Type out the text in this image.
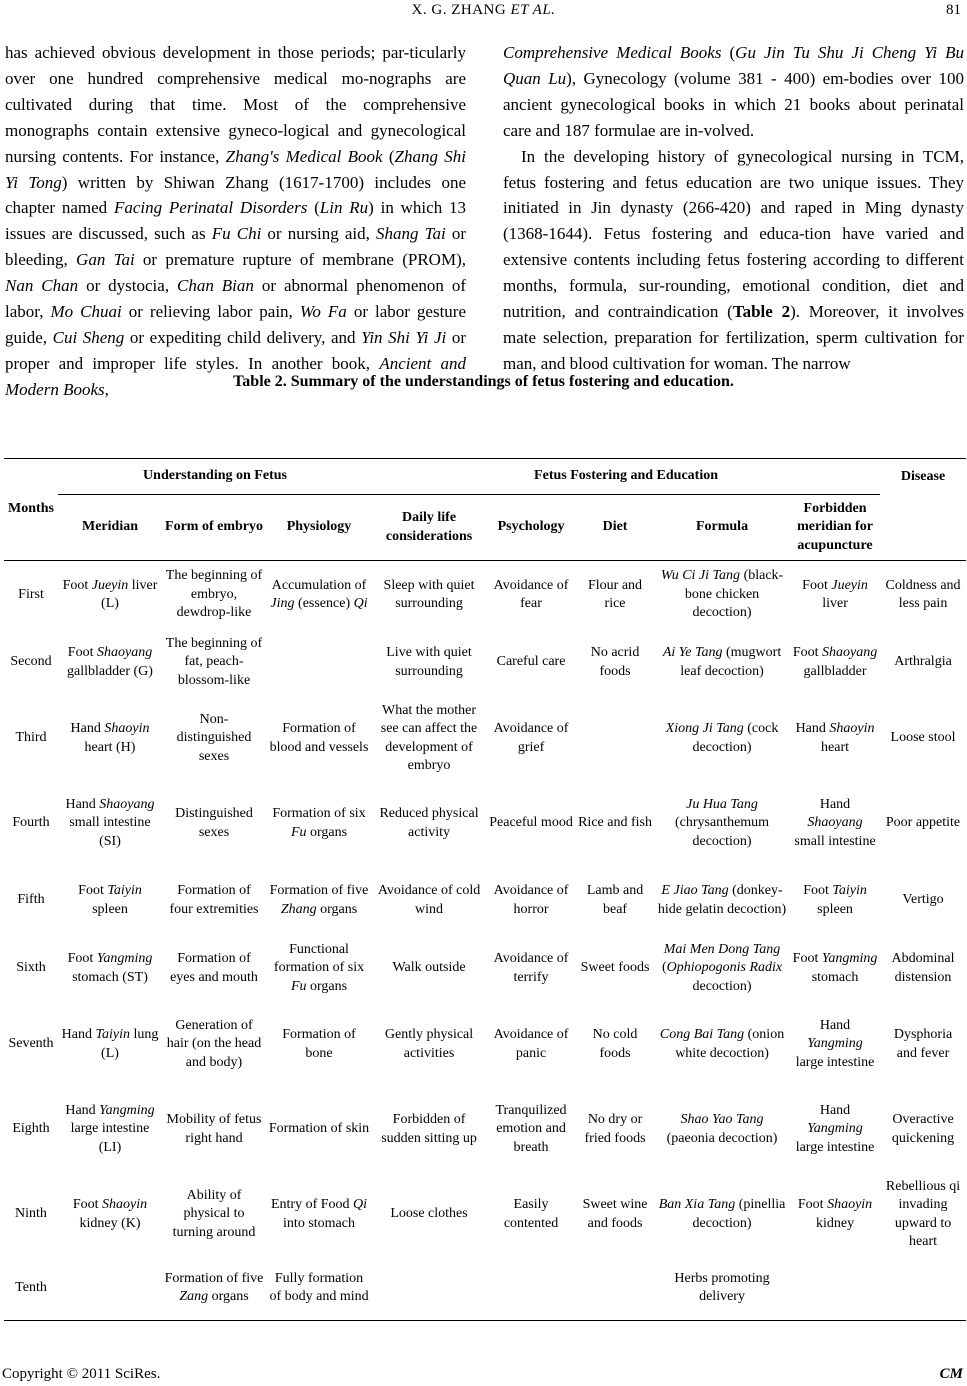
X. G. ZHANG ET AL.	81

has achieved obvious development in those periods; par-ticularly over one hundred comprehensive medical mo-nographs are cultivated during that time. Most of the comprehensive monographs contain extensive gyneco-logical and gynecological nursing contents. For instance, Zhang's Medical Book (Zhang Shi Yi Tong) written by Shiwan Zhang (1617-1700) includes one chapter named Facing Perinatal Disorders (Lin Ru) in which 13 issues are discussed, such as Fu Chi or nursing aid, Shang Tai or bleeding, Gan Tai or premature rupture of membrane (PROM), Nan Chan or dystocia, Chan Bian or abnormal phenomenon of labor, Mo Chuai or relieving labor pain, Wo Fa or labor gesture guide, Cui Sheng or expediting child delivery, and Yin Shi Yi Ji or proper and improper life styles. In another book, Ancient and Modern Books,

Comprehensive Medical Books (Gu Jin Tu Shu Ji Cheng Yi Bu Quan Lu), Gynecology (volume 381 - 400) em-bodies over 100 ancient gynecological books in which 21 books about perinatal care and 187 formulae are in-volved.

In the developing history of gynecological nursing in TCM, fetus fostering and fetus education are two unique issues. They initiated in Jin dynasty (266-420) and raped in Ming dynasty (1368-1644). Fetus fostering and educa-tion have varied and extensive contents including fetus fostering according to different months, formula, sur-rounding, emotional condition, diet and nutrition, and contraindication (Table 2). Moreover, it involves mate selection, preparation for fertilization, sperm cultivation for man, and blood cultivation for woman. The narrow

Table 2. Summary of the understandings of fetus fostering and education.
Months	Understanding on Fetus			Fetus Fostering and Education					Disease
	Meridian	Form of embryo	Physiology	Daily life considerations	Psychology	Diet	Formula	Forbidden meridian for acupuncture	
First	Foot Jueyin liver (L)	The beginning of embryo, dewdrop-like	Accumulation of Jing (essence) Qi	Sleep with quiet surrounding	Avoidance of fear	Flour and rice	Wu Ci Ji Tang (black-bone chicken decoction)	Foot Jueyin liver	Coldness and less pain
Second	Foot Shaoyang gallbladder (G)	The beginning of fat, peach-blossom-like		Live with quiet surrounding	Careful care	No acrid foods	Ai Ye Tang (mugwort leaf decoction)	Foot Shaoyang gallbladder	Arthralgia
Third	Hand Shaoyin heart (H)	Non-distinguished sexes	Formation of blood and vessels	What the mother see can affect the development of embryo	Avoidance of grief		Xiong Ji Tang (cock decoction)	Hand Shaoyin heart	Loose stool
Fourth	Hand Shaoyang small intestine (SI)	Distinguished sexes	Formation of six Fu organs	Reduced physical activity	Peaceful mood	Rice and fish	Ju Hua Tang (chrysanthemum decoction)	Hand Shaoyang small intestine	Poor appetite
Fifth	Foot Taiyin spleen	Formation of four extremities	Formation of five Zhang organs	Avoidance of cold wind	Avoidance of horror	Lamb and beaf	E Jiao Tang (donkey-hide gelatin decoction)	Foot Taiyin spleen	Vertigo
Sixth	Foot Yangming stomach (ST)	Formation of eyes and mouth	Functional formation of six Fu organs	Walk outside	Avoidance of terrify	Sweet foods	Mai Men Dong Tang (Ophiopogonis Radix decoction)	Foot Yangming stomach	Abdominal distension
Seventh	Hand Taiyin lung (L)	Generation of hair (on the head and body)	Formation of bone	Gently physical activities	Avoidance of panic	No cold foods	Cong Bai Tang (onion white decoction)	Hand Yangming large intestine	Dysphoria and fever
Eighth	Hand Yangming large intestine (LI)	Mobility of fetus right hand	Formation of skin	Forbidden of sudden sitting up	Tranquilized emotion and breath	No dry or fried foods	Shao Yao Tang (paeonia decoction)	Hand Yangming large intestine	Overactive quickening
Ninth	Foot Shaoyin kidney (K)	Ability of physical to turning around	Entry of Food Qi into stomach	Loose clothes	Easily contented	Sweet wine and foods	Ban Xia Tang (pinellia decoction)	Foot Shaoyin kidney	Rebellious qi invading upward to heart
Tenth		Formation of five Zang organs	Fully formation of body and mind				Herbs promoting delivery		
Copyright © 2011 SciRes.	CM
